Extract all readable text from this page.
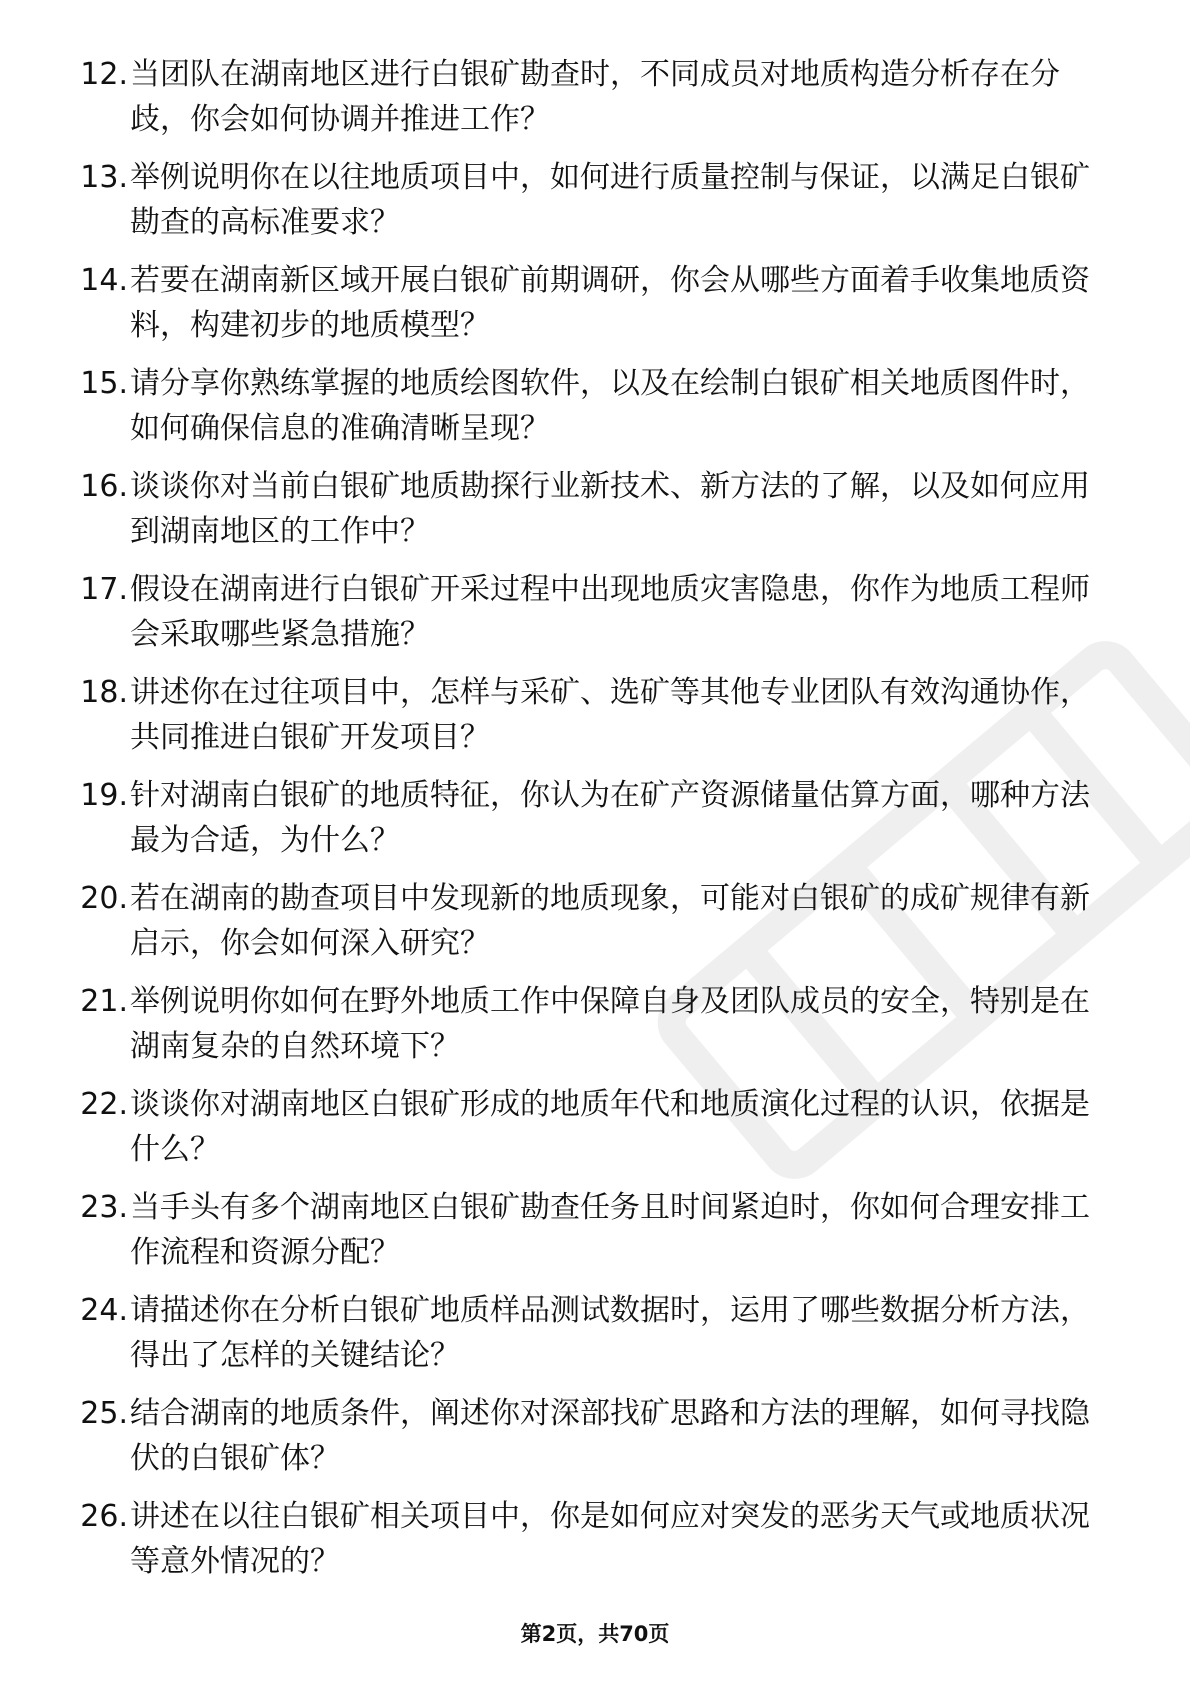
12. 当团队在湖南地区进行白银矿勘查时，不同成员对地质构造分析存在分歧，你会如何协调并推进工作？
13. 举例说明你在以往地质项目中，如何进行质量控制与保证，以满足白银矿勘查的高标准要求？
14. 若要在湖南新区域开展白银矿前期调研，你会从哪些方面着手收集地质资料，构建初步的地质模型？
15. 请分享你熟练掌握的地质绘图软件，以及在绘制白银矿相关地质图件时，如何确保信息的准确清晰呈现？
16. 谈谈你对当前白银矿地质勘探行业新技术、新方法的了解，以及如何应用到湖南地区的工作中？
17. 假设在湖南进行白银矿开采过程中出现地质灾害隐患，你作为地质工程师会采取哪些紧急措施？
18. 讲述你在过往项目中，怎样与采矿、选矿等其他专业团队有效沟通协作，共同推进白银矿开发项目？
19. 针对湖南白银矿的地质特征，你认为在矿产资源储量估算方面，哪种方法最为合适，为什么？
20. 若在湖南的勘查项目中发现新的地质现象，可能对白银矿的成矿规律有新启示，你会如何深入研究？
21. 举例说明你如何在野外地质工作中保障自身及团队成员的安全，特别是在湖南复杂的自然环境下？
22. 谈谈你对湖南地区白银矿形成的地质年代和地质演化过程的认识，依据是什么？
23. 当手头有多个湖南地区白银矿勘查任务且时间紧迫时，你如何合理安排工作流程和资源分配？
24. 请描述你在分析白银矿地质样品测试数据时，运用了哪些数据分析方法，得出了怎样的关键结论？
25. 结合湖南的地质条件，阐述你对深部找矿思路和方法的理解，如何寻找隐伏的白银矿体？
26. 讲述在以往白银矿相关项目中，你是如何应对突发的恶劣天气或地质状况等意外情况的？
第2页，共70页
